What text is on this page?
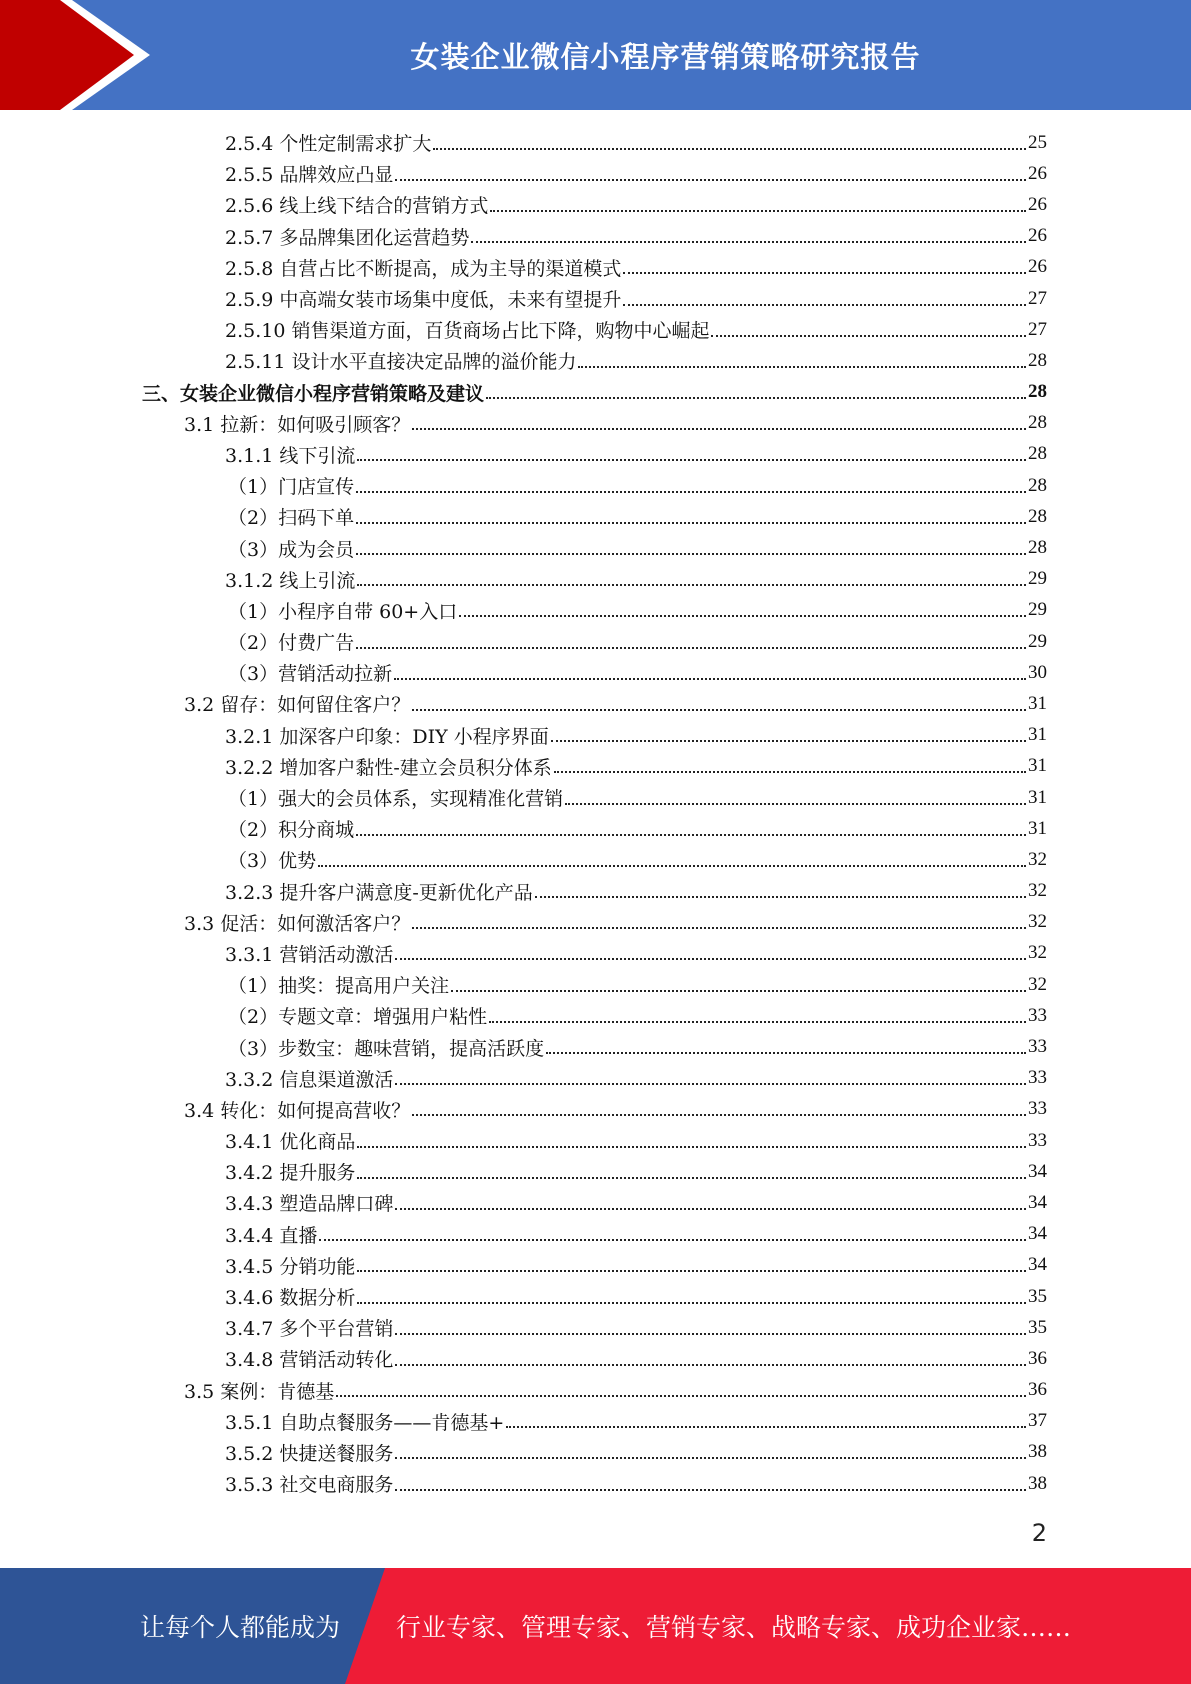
女装企业微信小程序营销策略研究报告
2.5.4 个性定制需求扩大	25
2.5.5 品牌效应凸显	26
2.5.6 线上线下结合的营销方式	26
2.5.7 多品牌集团化运营趋势	26
2.5.8 自营占比不断提高，成为主导的渠道模式	26
2.5.9 中高端女装市场集中度低，未来有望提升	27
2.5.10 销售渠道方面，百货商场占比下降，购物中心崛起	27
2.5.11 设计水平直接决定品牌的溢价能力	28
三、女装企业微信小程序营销策略及建议	28
3.1 拉新：如何吸引顾客？	28
3.1.1 线下引流	28
（1）门店宣传	28
（2）扫码下单	28
（3）成为会员	28
3.1.2 线上引流	29
（1）小程序自带 60+入口	29
（2）付费广告	29
（3）营销活动拉新	30
3.2 留存：如何留住客户？	31
3.2.1 加深客户印象：DIY 小程序界面	31
3.2.2 增加客户黏性-建立会员积分体系	31
（1）强大的会员体系，实现精准化营销	31
（2）积分商城	31
（3）优势	32
3.2.3 提升客户满意度-更新优化产品	32
3.3 促活：如何激活客户？	32
3.3.1 营销活动激活	32
（1）抽奖：提高用户关注	32
（2）专题文章：增强用户粘性	33
（3）步数宝：趣味营销，提高活跃度	33
3.3.2 信息渠道激活	33
3.4 转化：如何提高营收？	33
3.4.1 优化商品	33
3.4.2 提升服务	34
3.4.3 塑造品牌口碑	34
3.4.4 直播	34
3.4.5 分销功能	34
3.4.6 数据分析	35
3.4.7 多个平台营销	35
3.4.8 营销活动转化	36
3.5 案例：肯德基	36
3.5.1 自助点餐服务——肯德基+	37
3.5.2 快捷送餐服务	38
3.5.3 社交电商服务	38
2
让每个人都能成为 行业专家、管理专家、营销专家、战略专家、成功企业家……
